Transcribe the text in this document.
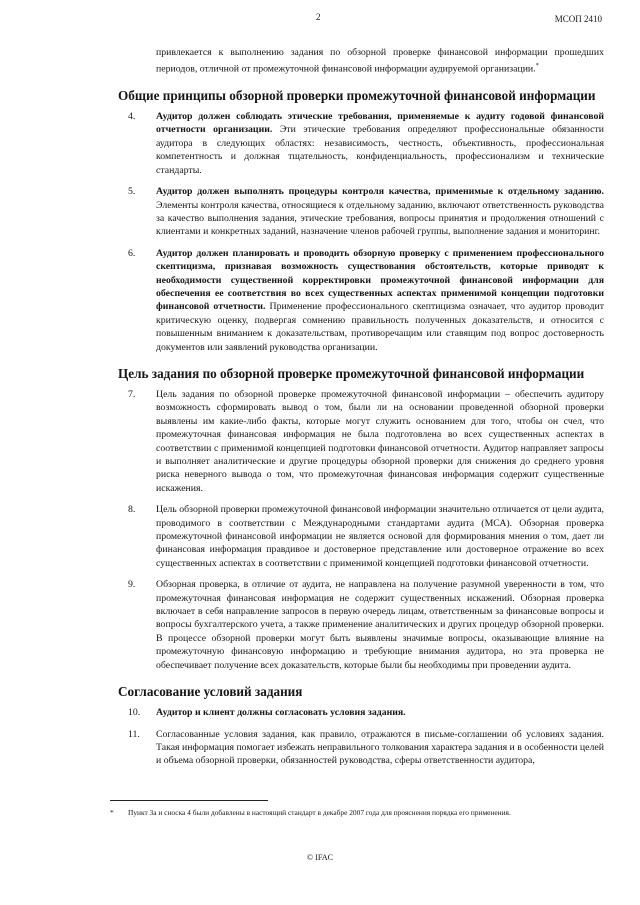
2	МСОП 2410

привлекается к выполнению задания по обзорной проверке финансовой информации прошедших периодов, отличной от промежуточной финансовой информации аудируемой организации.*

Общие принципы обзорной проверки промежуточной финансовой информации
4.	Аудитор должен соблюдать этические требования, применяемые к аудиту годовой финансовой отчетности организации. Эти этические требования определяют профессиональные обязанности аудитора в следующих областях: независимость, честность, объективность, профессиональная компетентность и должная тщательность, конфиденциальность, профессионализм и технические стандарты.
5.	Аудитор должен выполнять процедуры контроля качества, применимые к отдельному заданию. Элементы контроля качества, относящиеся к отдельному заданию, включают ответственность руководства за качество выполнения задания, этические требования, вопросы принятия и продолжения отношений с клиентами и конкретных заданий, назначение членов рабочей группы, выполнение задания и мониторинг.
6.	Аудитор должен планировать и проводить обзорную проверку с применением профессионального скептицизма, признавая возможность существования обстоятельств, которые приводят к необходимости существенной корректировки промежуточной финансовой информации для обеспечения ее соответствия во всех существенных аспектах применимой концепции подготовки финансовой отчетности. Применение профессионального скептицизма означает, что аудитор проводит критическую оценку, подвергая сомнению правильность полученных доказательств, и относится с повышенным вниманием к доказательствам, противоречащим или ставящим под вопрос достоверность документов или заявлений руководства организации.
Цель задания по обзорной проверке промежуточной финансовой информации
7.	Цель задания по обзорной проверке промежуточной финансовой информации – обеспечить аудитору возможность сформировать вывод о том, были ли на основании проведенной обзорной проверки выявлены им какие-либо факты, которые могут служить основанием для того, чтобы он счел, что промежуточная финансовая информация не была подготовлена во всех существенных аспектах в соответствии с применимой концепцией подготовки финансовой отчетности. Аудитор направляет запросы и выполняет аналитические и другие процедуры обзорной проверки для снижения до среднего уровня риска неверного вывода о том, что промежуточная финансовая информация содержит существенные искажения.
8.	Цель обзорной проверки промежуточной финансовой информации значительно отличается от цели аудита, проводимого в соответствии с Международными стандартами аудита (МСА). Обзорная проверка промежуточной финансовой информации не является основой для формирования мнения о том, дает ли финансовая информация правдивое и достоверное представление или достоверное отражение во всех существенных аспектах в соответствии с применимой концепцией подготовки финансовой отчетности.
9.	Обзорная проверка, в отличие от аудита, не направлена на получение разумной уверенности в том, что промежуточная финансовая информация не содержит существенных искажений. Обзорная проверка включает в себя направление запросов в первую очередь лицам, ответственным за финансовые вопросы и вопросы бухгалтерского учета, а также применение аналитических и других процедур обзорной проверки. В процессе обзорной проверки могут быть выявлены значимые вопросы, оказывающие влияние на промежуточную финансовую информацию и требующие внимания аудитора, но эта проверка не обеспечивает получение всех доказательств, которые были бы необходимы при проведении аудита.
Согласование условий задания
10.	Аудитор и клиент должны согласовать условия задания.
11.	Согласованные условия задания, как правило, отражаются в письме-соглашении об условиях задания. Такая информация помогает избежать неправильного толкования характера задания и в особенности целей и объема обзорной проверки, обязанностей руководства, сферы ответственности аудитора,
*	Пункт 3а и сноска 4 были добавлены в настоящий стандарт в декабре 2007 года для прояснения порядка его применения.
© IFAC
